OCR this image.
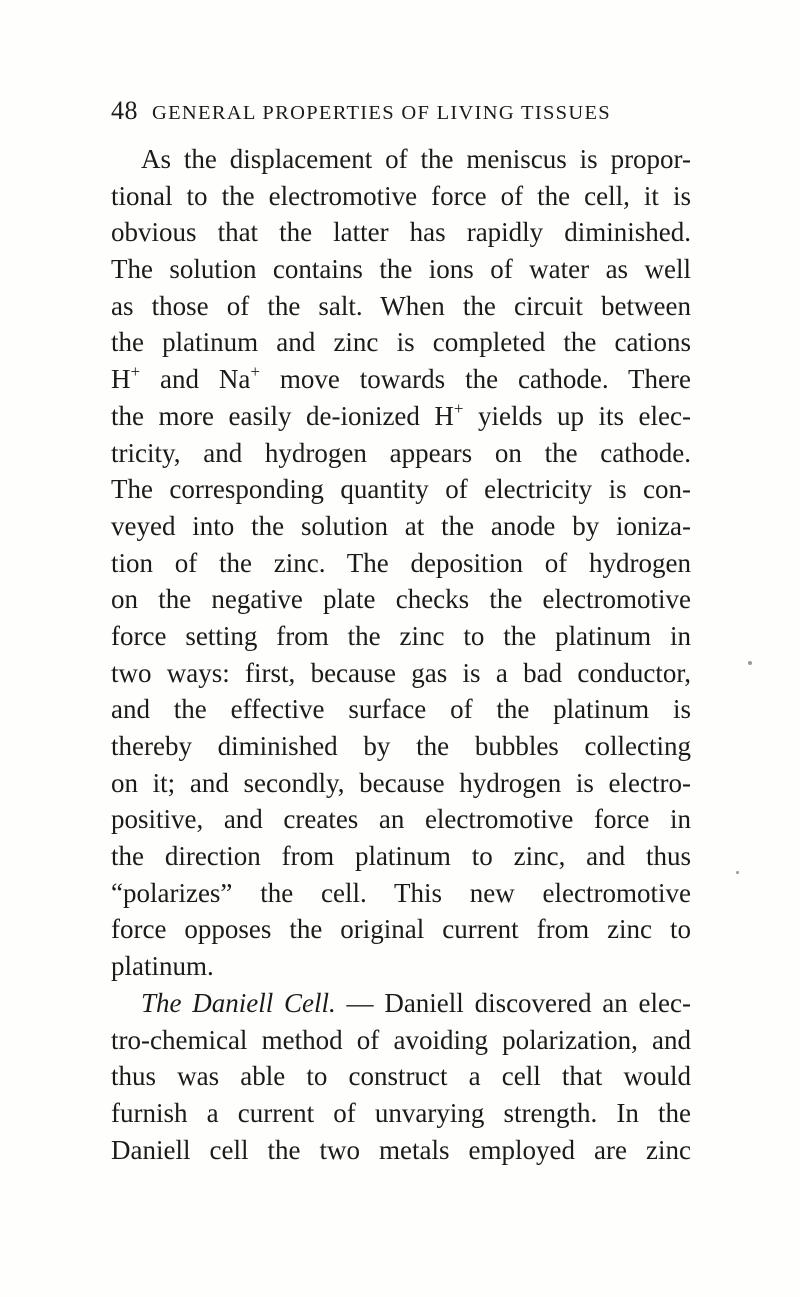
48 GENERAL PROPERTIES OF LIVING TISSUES
As the displacement of the meniscus is propor-
tional to the electromotive force of the cell, it is
obvious that the latter has rapidly diminished.
The solution contains the ions of water as well
as those of the salt. When the circuit between
the platinum and zinc is completed the cations
H+ and Na+ move towards the cathode. There
the more easily de-ionized H+ yields up its elec-
tricity, and hydrogen appears on the cathode.
The corresponding quantity of electricity is con-
veyed into the solution at the anode by ioniza-
tion of the zinc. The deposition of hydrogen
on the negative plate checks the electromotive
force setting from the zinc to the platinum in
two ways: first, because gas is a bad conductor,
and the effective surface of the platinum is
thereby diminished by the bubbles collecting
on it; and secondly, because hydrogen is electro-
positive, and creates an electromotive force in
the direction from platinum to zinc, and thus
“polarizes” the cell. This new electromotive
force opposes the original current from zinc to
platinum.
The Daniell Cell. — Daniell discovered an elec-
tro-chemical method of avoiding polarization, and
thus was able to construct a cell that would
furnish a current of unvarying strength. In the
Daniell cell the two metals employed are zinc
